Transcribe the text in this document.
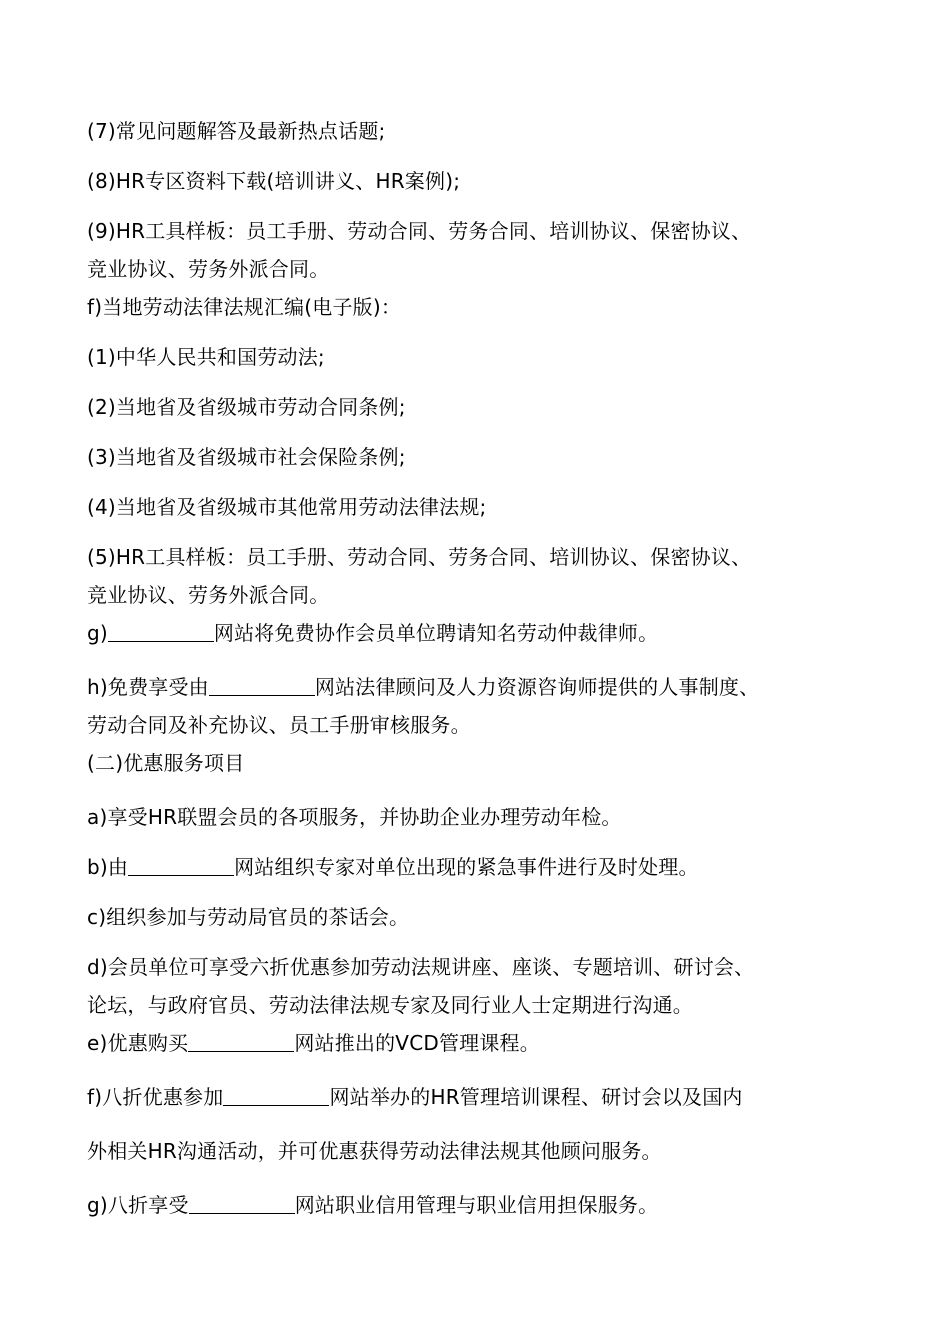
(7)常见问题解答及最新热点话题;
(8)HR专区资料下载(培训讲义、HR案例);
(9)HR工具样板：员工手册、劳动合同、劳务合同、培训协议、保密协议、
竞业协议、劳务外派合同。
f)当地劳动法律法规汇编(电子版)：
(1)中华人民共和国劳动法;
(2)当地省及省级城市劳动合同条例;
(3)当地省及省级城市社会保险条例;
(4)当地省及省级城市其他常用劳动法律法规;
(5)HR工具样板：员工手册、劳动合同、劳务合同、培训协议、保密协议、
竞业协议、劳务外派合同。
g)	网站将免费协作会员单位聘请知名劳动仲裁律师。
h)免费享受由	网站法律顾问及人力资源咨询师提供的人事制度、
劳动合同及补充协议、员工手册审核服务。
(二)优惠服务项目
a)享受HR联盟会员的各项服务，并协助企业办理劳动年检。
b)由	网站组织专家对单位出现的紧急事件进行及时处理。
c)组织参加与劳动局官员的茶话会。
d)会员单位可享受六折优惠参加劳动法规讲座、座谈、专题培训、研讨会、
论坛，与政府官员、劳动法律法规专家及同行业人士定期进行沟通。
e)优惠购买	网站推出的VCD管理课程。
f)八折优惠参加	网站举办的HR管理培训课程、研讨会以及国内
外相关HR沟通活动，并可优惠获得劳动法律法规其他顾问服务。
g)八折享受	网站职业信用管理与职业信用担保服务。
